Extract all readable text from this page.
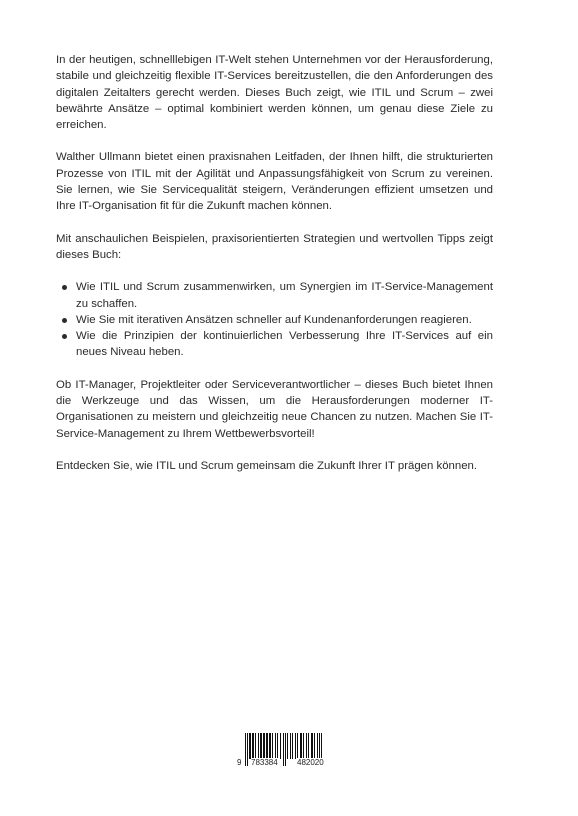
In der heutigen, schnelllebigen IT-Welt stehen Unternehmen vor der Herausforderung, stabile und gleichzeitig flexible IT-Services bereitzustellen, die den Anforderungen des digitalen Zeitalters gerecht werden. Dieses Buch zeigt, wie ITIL und Scrum – zwei bewährte Ansätze – optimal kombiniert werden können, um genau diese Ziele zu erreichen.

Walther Ullmann bietet einen praxisnahen Leitfaden, der Ihnen hilft, die strukturierten Prozesse von ITIL mit der Agilität und Anpassungsfähigkeit von Scrum zu vereinen. Sie lernen, wie Sie Servicequalität steigern, Veränderungen effizient umsetzen und Ihre IT-Organisation fit für die Zukunft machen können.

Mit anschaulichen Beispielen, praxisorientierten Strategien und wertvollen Tipps zeigt dieses Buch:

Wie ITIL und Scrum zusammenwirken, um Synergien im IT-Service-Management zu schaffen.
Wie Sie mit iterativen Ansätzen schneller auf Kundenanforderungen reagieren.
Wie die Prinzipien der kontinuierlichen Verbesserung Ihre IT-Services auf ein neues Niveau heben.

Ob IT-Manager, Projektleiter oder Serviceverantwortlicher – dieses Buch bietet Ihnen die Werkzeuge und das Wissen, um die Herausforderungen moderner IT-Organisationen zu meistern und gleichzeitig neue Chancen zu nutzen. Machen Sie IT-Service-Management zu Ihrem Wettbewerbsvorteil!

Entdecken Sie, wie ITIL und Scrum gemeinsam die Zukunft Ihrer IT prägen können.

9 783384 482020
